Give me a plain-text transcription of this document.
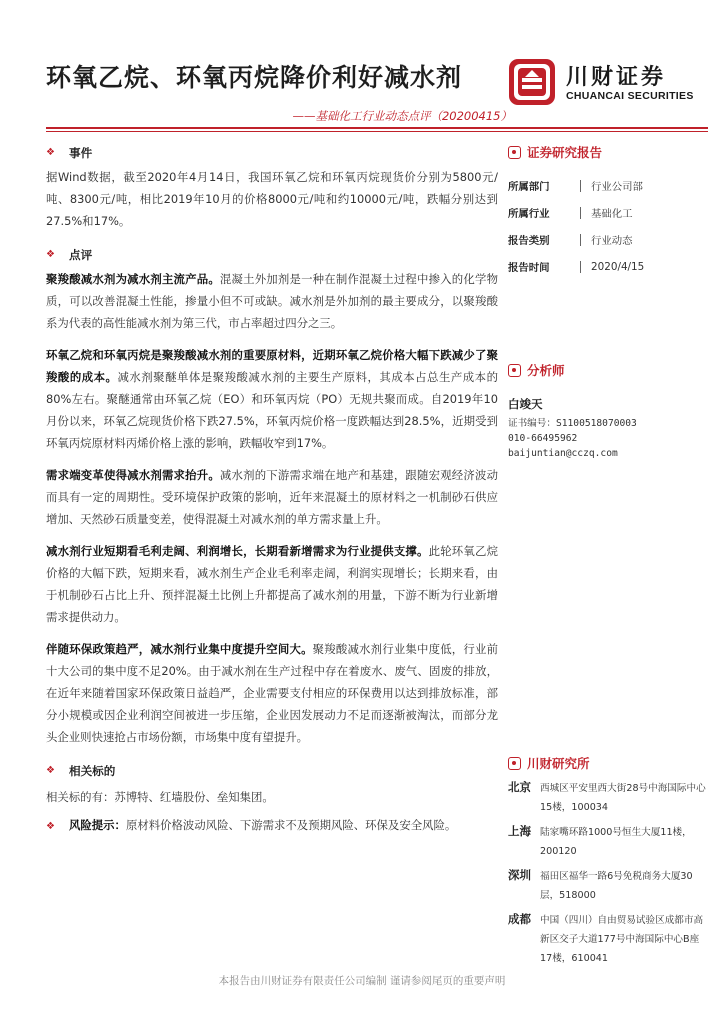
环氧乙烷、环氧丙烷降价利好减水剂
——基础化工行业动态点评（20200415）
川财证券
CHUANCAI SECURITIES
❖ 事件

据Wind数据，截至2020年4月14日，我国环氧乙烷和环氧丙烷现货价分别为5800元/吨、8300元/吨，相比2019年10月的价格8000元/吨和约10000元/吨，跌幅分别达到27.5%和17%。

❖ 点评

聚羧酸减水剂为减水剂主流产品。混凝土外加剂是一种在制作混凝土过程中掺入的化学物质，可以改善混凝土性能，掺量小但不可或缺。减水剂是外加剂的最主要成分，以聚羧酸系为代表的高性能减水剂为第三代，市占率超过四分之三。

环氧乙烷和环氧丙烷是聚羧酸减水剂的重要原材料，近期环氧乙烷价格大幅下跌减少了聚羧酸的成本。减水剂聚醚单体是聚羧酸减水剂的主要生产原料，其成本占总生产成本的80%左右。聚醚通常由环氧乙烷（EO）和环氧丙烷（PO）无规共聚而成。自2019年10月份以来，环氧乙烷现货价格下跌27.5%，环氧丙烷价格一度跌幅达到28.5%，近期受到环氧丙烷原材料丙烯价格上涨的影响，跌幅收窄到17%。

需求端变革使得减水剂需求抬升。减水剂的下游需求端在地产和基建，跟随宏观经济波动而具有一定的周期性。受环境保护政策的影响，近年来混凝土的原材料之一机制砂石供应增加、天然砂石质量变差，使得混凝土对减水剂的单方需求量上升。

减水剂行业短期看毛利走阔、利润增长，长期看新增需求为行业提供支撑。此轮环氧乙烷价格的大幅下跌，短期来看，减水剂生产企业毛利率走阔，利润实现增长；长期来看，由于机制砂石占比上升、预拌混凝土比例上升都提高了减水剂的用量，下游不断为行业新增需求提供动力。

伴随环保政策趋严，减水剂行业集中度提升空间大。聚羧酸减水剂行业集中度低，行业前十大公司的集中度不足20%。由于减水剂在生产过程中存在着废水、废气、固废的排放，在近年来随着国家环保政策日益趋严，企业需要支付相应的环保费用以达到排放标准，部分小规模或因企业利润空间被进一步压缩，企业因发展动力不足而逐渐被淘汰，而部分龙头企业则快速抢占市场份额，市场集中度有望提升。

❖ 相关标的

相关标的有：苏博特、红墙股份、垒知集团。

❖ 风险提示：原材料价格波动风险、下游需求不及预期风险、环保及安全风险。
证券研究报告
所属部门	行业公司部
所属行业	基础化工
报告类别	行业动态
报告时间	2020/4/15
分析师
白竣天
证书编号：S1100518070003
010-66495962
baijuntian@cczq.com
川财研究所
北京 西城区平安里西大街28号中海国际中心15楼，100034
上海 陆家嘴环路1000号恒生大厦11楼，200120
深圳 福田区福华一路6号免税商务大厦30层，518000
成都 中国（四川）自由贸易试验区成都市高新区交子大道177号中海国际中心B座17楼，610041
本报告由川财证券有限责任公司编制 谨请参阅尾页的重要声明
